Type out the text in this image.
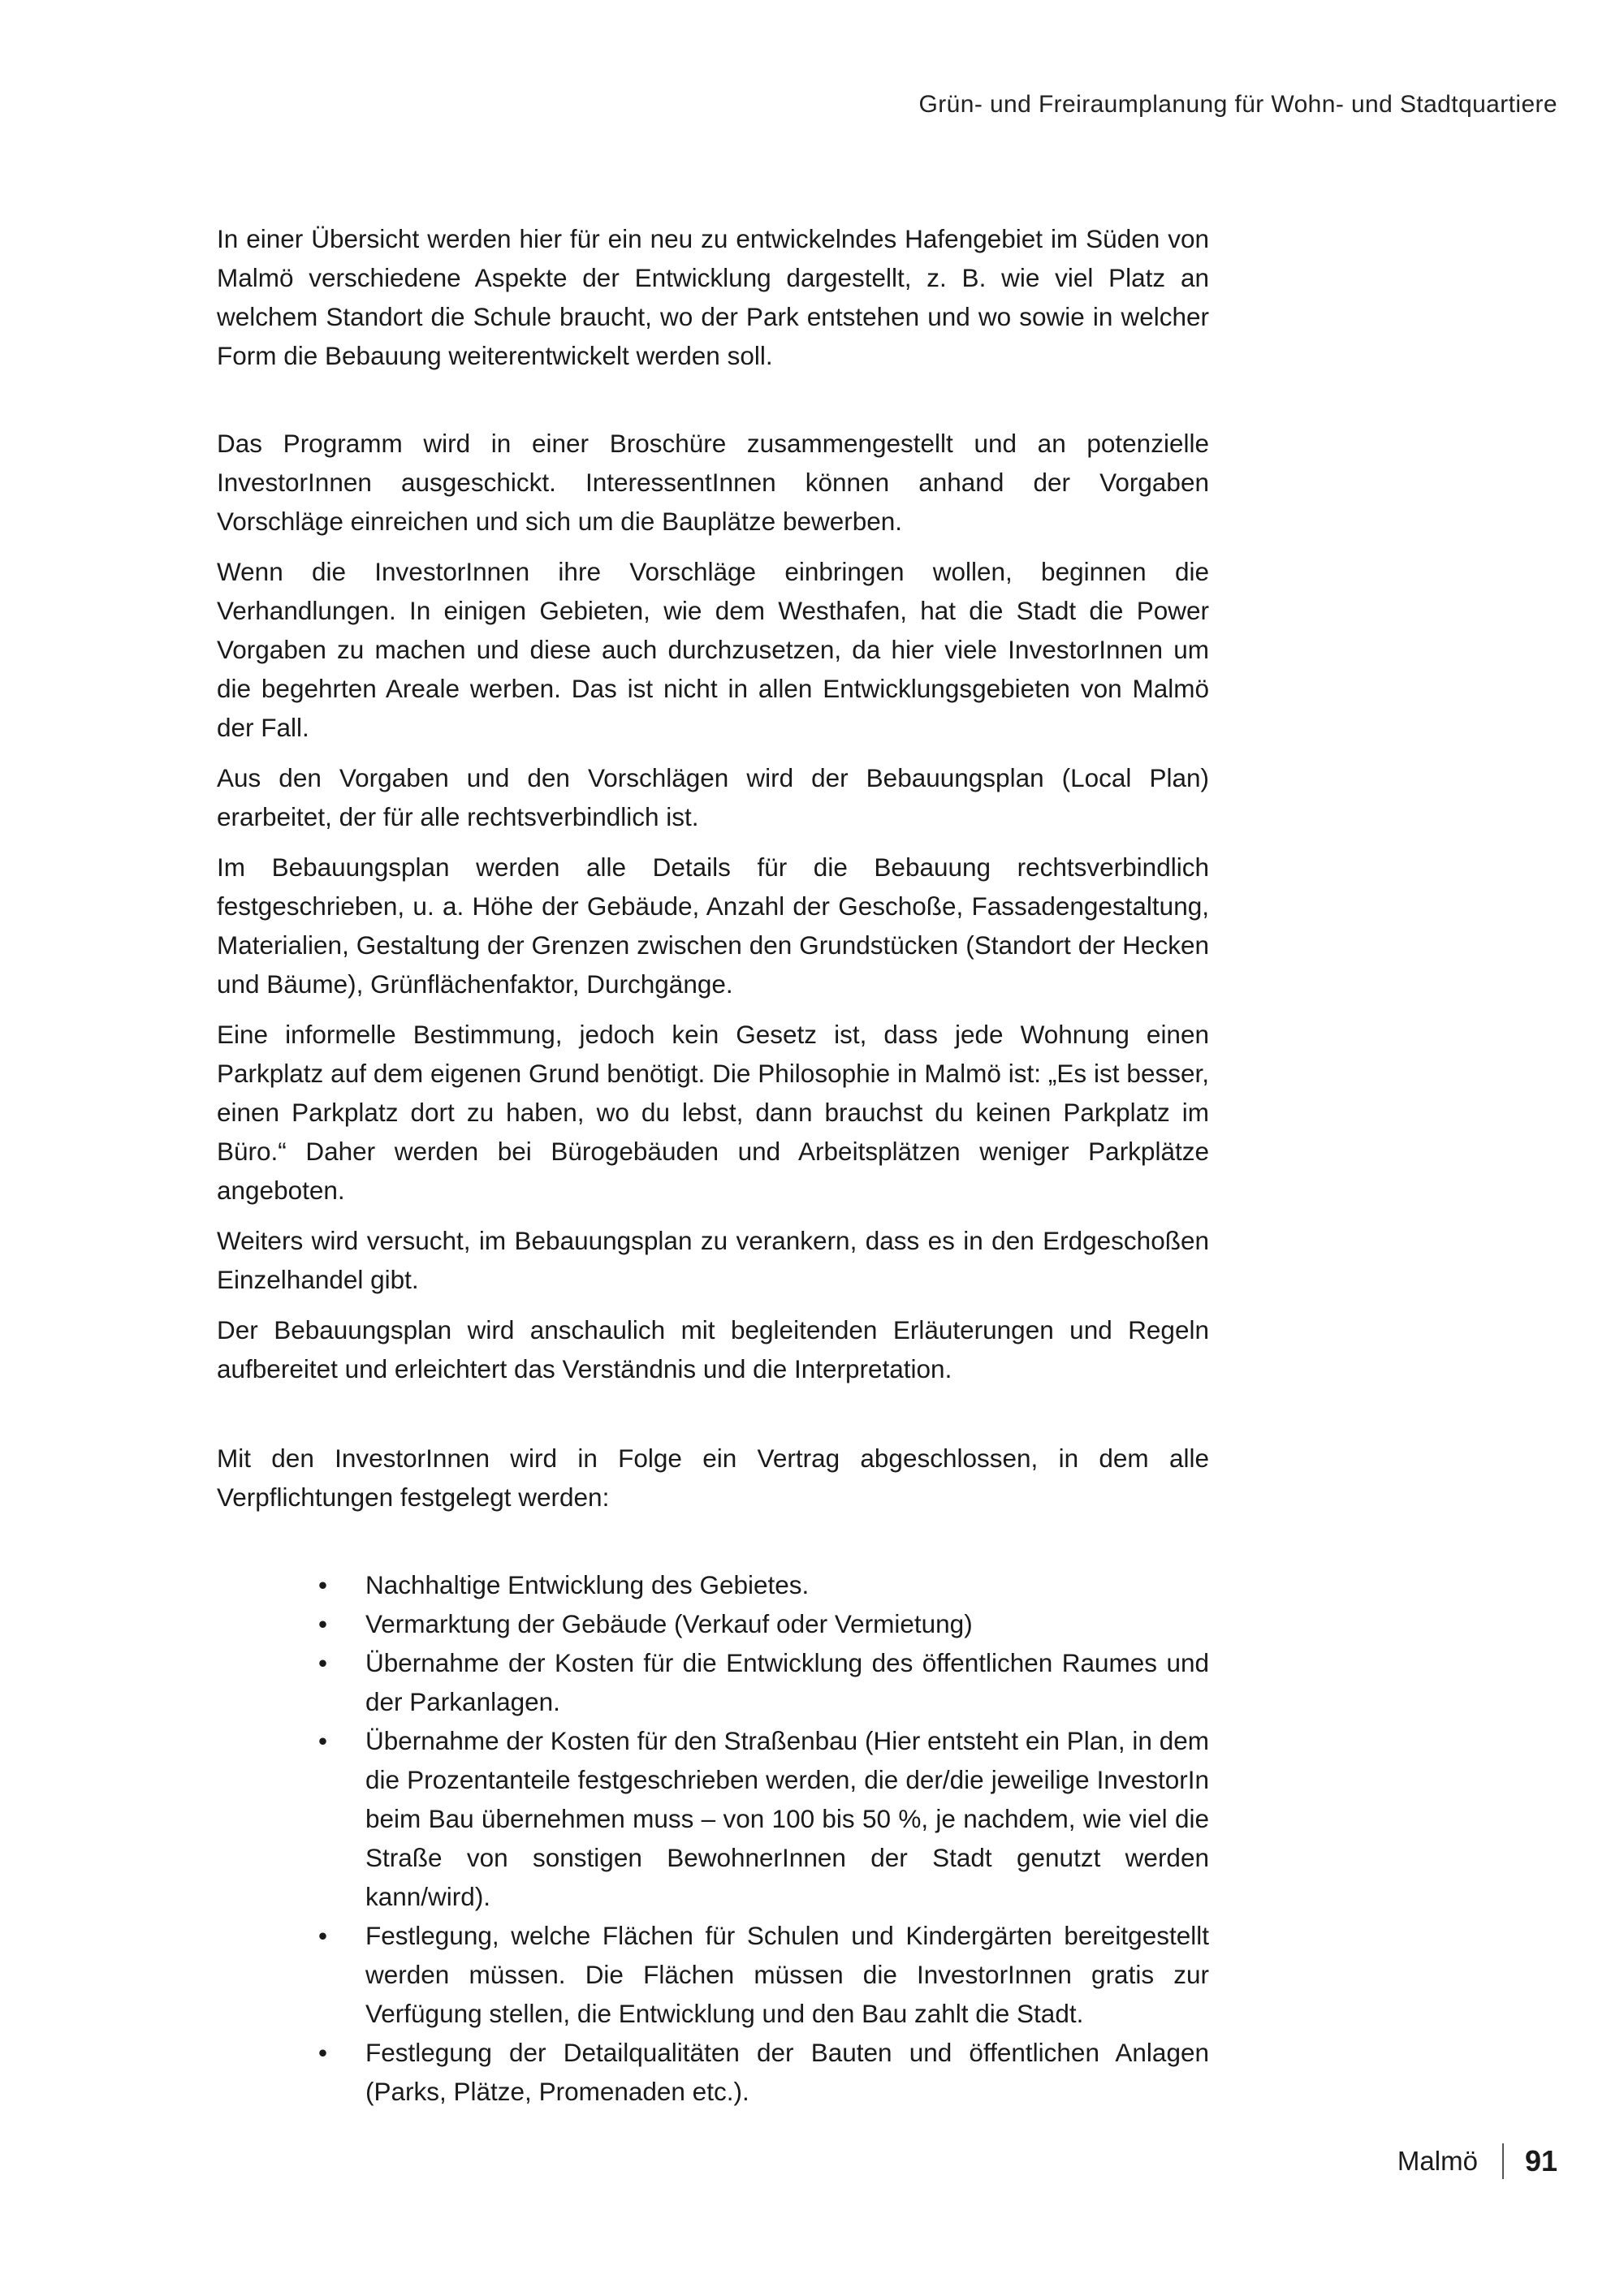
Grün- und Freiraumplanung für Wohn- und Stadtquartiere

In einer Übersicht werden hier für ein neu zu entwickelndes Hafengebiet im Süden von Malmö verschiedene Aspekte der Entwicklung dargestellt, z. B. wie viel Platz an welchem Standort die Schule braucht, wo der Park entstehen und wo sowie in welcher Form die Bebauung weiterentwickelt werden soll.

Das Programm wird in einer Broschüre zusammengestellt und an potenzielle InvestorInnen ausgeschickt. InteressentInnen können anhand der Vorgaben Vorschläge einreichen und sich um die Bauplätze bewerben.

Wenn die InvestorInnen ihre Vorschläge einbringen wollen, beginnen die Verhandlungen. In einigen Gebieten, wie dem Westhafen, hat die Stadt die Power Vorgaben zu machen und diese auch durchzusetzen, da hier viele InvestorInnen um die begehrten Areale werben. Das ist nicht in allen Entwicklungsgebieten von Malmö der Fall.

Aus den Vorgaben und den Vorschlägen wird der Bebauungsplan (Local Plan) erarbeitet, der für alle rechtsverbindlich ist.

Im Bebauungsplan werden alle Details für die Bebauung rechtsverbindlich festgeschrieben, u. a. Höhe der Gebäude, Anzahl der Geschoße, Fassadengestaltung, Materialien, Gestaltung der Grenzen zwischen den Grundstücken (Standort der Hecken und Bäume), Grünflächenfaktor, Durchgänge.

Eine informelle Bestimmung, jedoch kein Gesetz ist, dass jede Wohnung einen Parkplatz auf dem eigenen Grund benötigt. Die Philosophie in Malmö ist: „Es ist besser, einen Parkplatz dort zu haben, wo du lebst, dann brauchst du keinen Parkplatz im Büro.“ Daher werden bei Bürogebäuden und Arbeitsplätzen weniger Parkplätze angeboten.

Weiters wird versucht, im Bebauungsplan zu verankern, dass es in den Erdgeschoßen Einzelhandel gibt.

Der Bebauungsplan wird anschaulich mit begleitenden Erläuterungen und Regeln aufbereitet und erleichtert das Verständnis und die Interpretation.

Mit den InvestorInnen wird in Folge ein Vertrag abgeschlossen, in dem alle Verpflichtungen festgelegt werden:

• Nachhaltige Entwicklung des Gebietes.
• Vermarktung der Gebäude (Verkauf oder Vermietung)
• Übernahme der Kosten für die Entwicklung des öffentlichen Raumes und der Parkanlagen.
• Übernahme der Kosten für den Straßenbau (Hier entsteht ein Plan, in dem die Prozentanteile festgeschrieben werden, die der/die jeweilige InvestorIn beim Bau übernehmen muss – von 100 bis 50 %, je nachdem, wie viel die Straße von sonstigen BewohnerInnen der Stadt genutzt werden kann/wird).
• Festlegung, welche Flächen für Schulen und Kindergärten bereitgestellt werden müssen. Die Flächen müssen die InvestorInnen gratis zur Verfügung stellen, die Entwicklung und den Bau zahlt die Stadt.
• Festlegung der Detailqualitäten der Bauten und öffentlichen Anlagen (Parks, Plätze, Promenaden etc.).
Malmö 91
